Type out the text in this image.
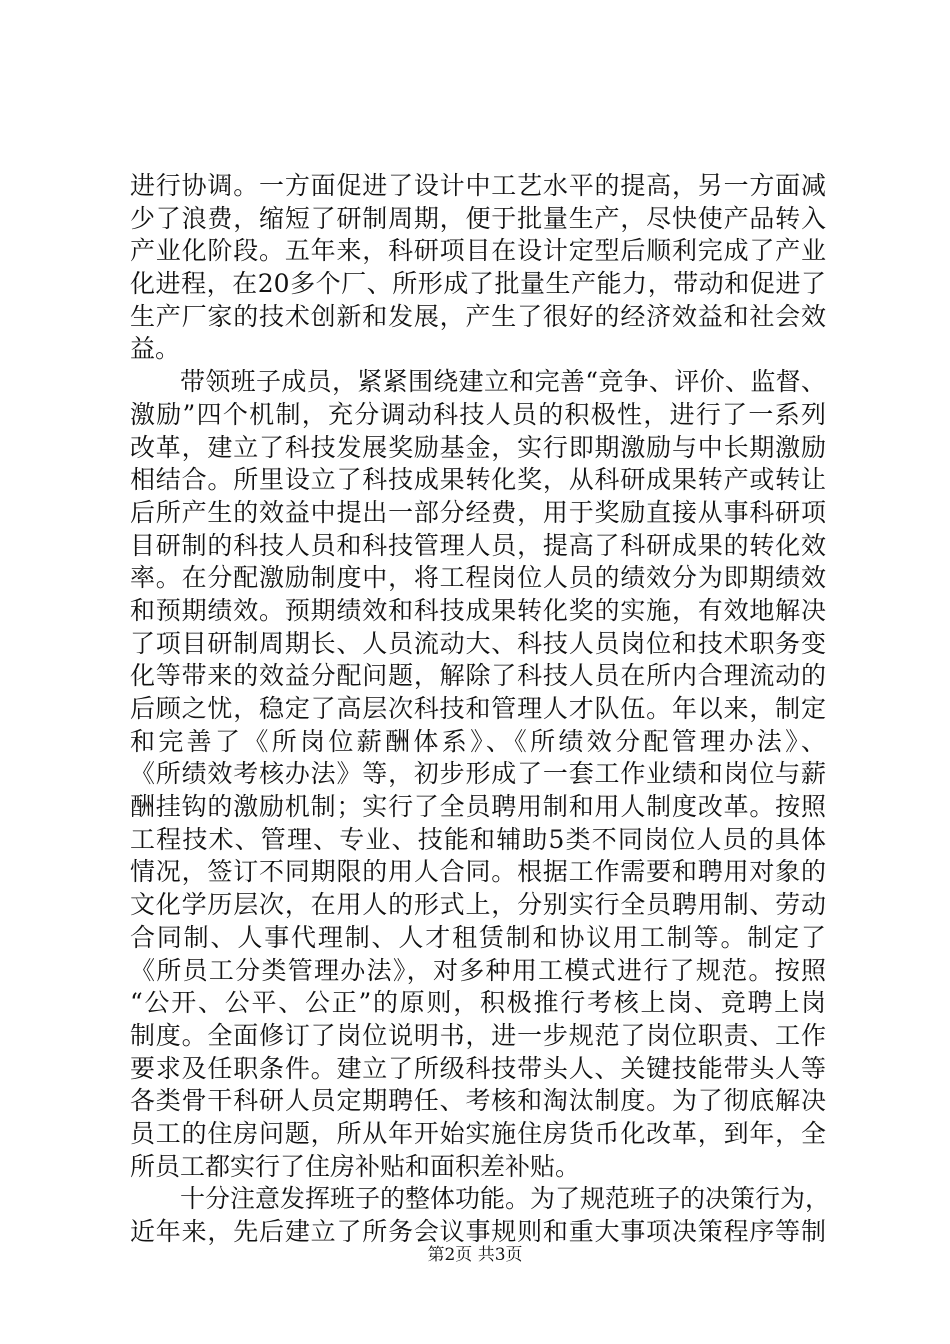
进行协调。一方面促进了设计中工艺水平的提高，另一方面减
少了浪费，缩短了研制周期，便于批量生产，尽快使产品转入
产业化阶段。五年来，科研项目在设计定型后顺利完成了产业
化进程，在20多个厂、所形成了批量生产能力，带动和促进了
生产厂家的技术创新和发展，产生了很好的经济效益和社会效
益。
带领班子成员，紧紧围绕建立和完善“竞争、评价、监督、
激励”四个机制，充分调动科技人员的积极性，进行了一系列
改革，建立了科技发展奖励基金，实行即期激励与中长期激励
相结合。所里设立了科技成果转化奖，从科研成果转产或转让
后所产生的效益中提出一部分经费，用于奖励直接从事科研项
目研制的科技人员和科技管理人员，提高了科研成果的转化效
率。在分配激励制度中，将工程岗位人员的绩效分为即期绩效
和预期绩效。预期绩效和科技成果转化奖的实施，有效地解决
了项目研制周期长、人员流动大、科技人员岗位和技术职务变
化等带来的效益分配问题，解除了科技人员在所内合理流动的
后顾之忧，稳定了高层次科技和管理人才队伍。年以来，制定
和完善了《所岗位薪酬体系》、《所绩效分配管理办法》、
《所绩效考核办法》等，初步形成了一套工作业绩和岗位与薪
酬挂钩的激励机制；实行了全员聘用制和用人制度改革。按照
工程技术、管理、专业、技能和辅助5类不同岗位人员的具体
情况，签订不同期限的用人合同。根据工作需要和聘用对象的
文化学历层次，在用人的形式上，分别实行全员聘用制、劳动
合同制、人事代理制、人才租赁制和协议用工制等。制定了
《所员工分类管理办法》，对多种用工模式进行了规范。按照
“公开、公平、公正”的原则，积极推行考核上岗、竞聘上岗
制度。全面修订了岗位说明书，进一步规范了岗位职责、工作
要求及任职条件。建立了所级科技带头人、关键技能带头人等
各类骨干科研人员定期聘任、考核和淘汰制度。为了彻底解决
员工的住房问题，所从年开始实施住房货币化改革，到年，全
所员工都实行了住房补贴和面积差补贴。
十分注意发挥班子的整体功能。为了规范班子的决策行为，
近年来，先后建立了所务会议事规则和重大事项决策程序等制
第2页 共3页
